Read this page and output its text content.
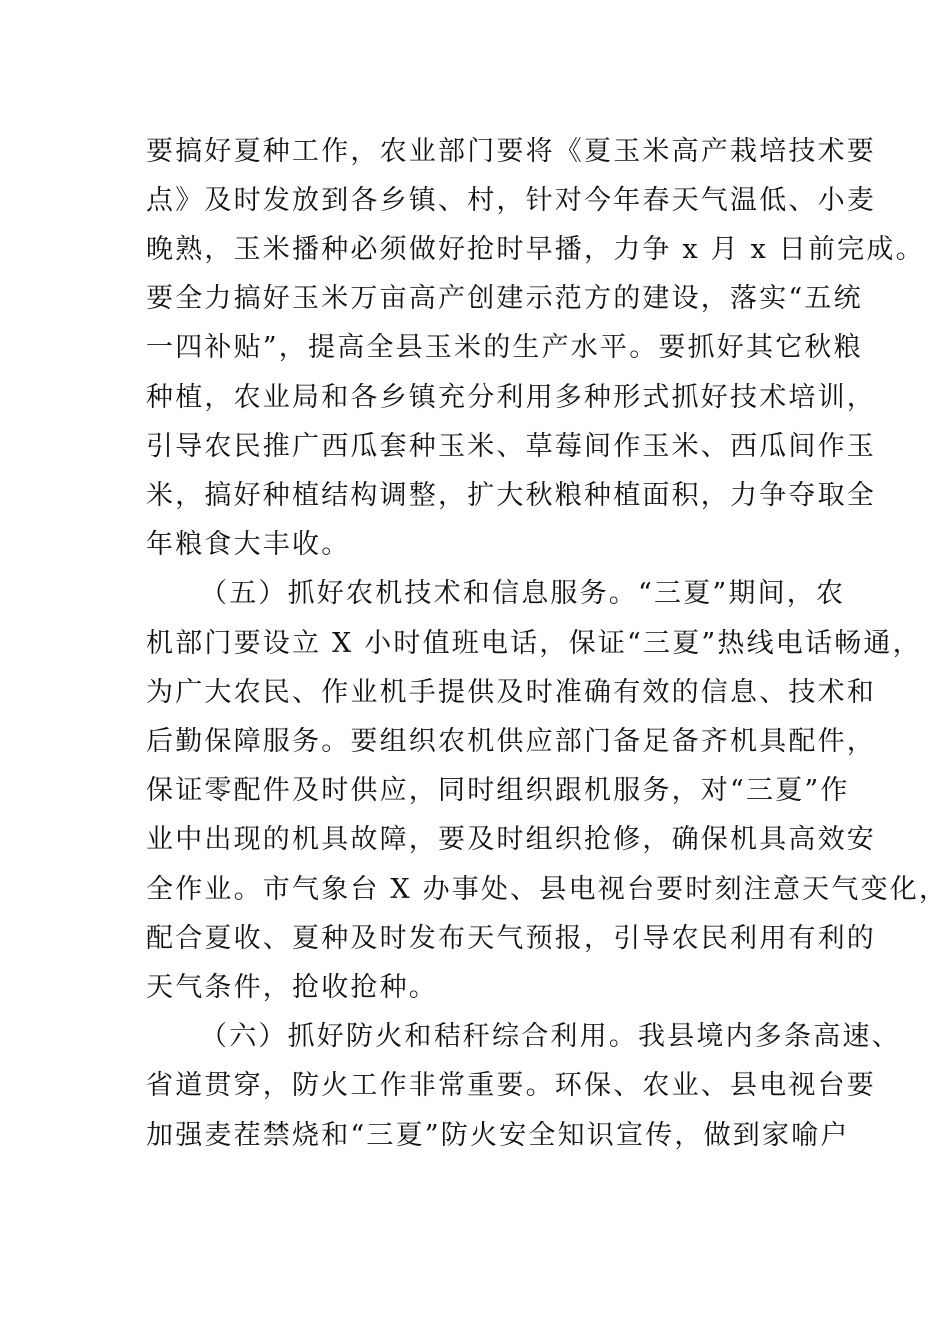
要搞好夏种工作，农业部门要将《夏玉米高产栽培技术要
点》及时发放到各乡镇、村，针对今年春天气温低、小麦
晚熟，玉米播种必须做好抢时早播，力争 x 月 x 日前完成。
要全力搞好玉米万亩高产创建示范方的建设，落实“五统
一四补贴”，提高全县玉米的生产水平。要抓好其它秋粮
种植，农业局和各乡镇充分利用多种形式抓好技术培训，
引导农民推广西瓜套种玉米、草莓间作玉米、西瓜间作玉
米，搞好种植结构调整，扩大秋粮种植面积，力争夺取全
年粮食大丰收。
（五）抓好农机技术和信息服务。“三夏”期间，农
机部门要设立 X 小时值班电话，保证“三夏”热线电话畅通，
为广大农民、作业机手提供及时准确有效的信息、技术和
后勤保障服务。要组织农机供应部门备足备齐机具配件，
保证零配件及时供应，同时组织跟机服务，对“三夏”作
业中出现的机具故障，要及时组织抢修，确保机具高效安
全作业。市气象台 X 办事处、县电视台要时刻注意天气变化，
配合夏收、夏种及时发布天气预报，引导农民利用有利的
天气条件，抢收抢种。
（六）抓好防火和秸秆综合利用。我县境内多条高速、
省道贯穿，防火工作非常重要。环保、农业、县电视台要
加强麦茬禁烧和“三夏”防火安全知识宣传，做到家喻户
